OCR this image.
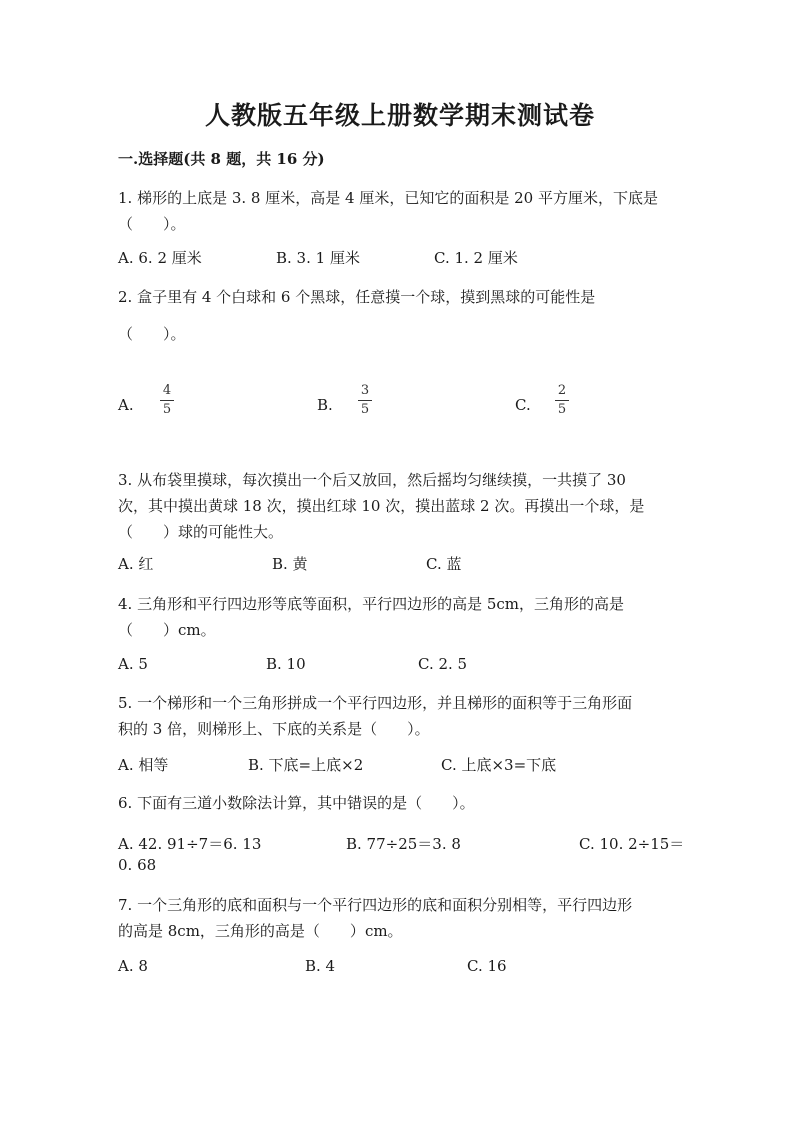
人教版五年级上册数学期末测试卷
一.选择题(共 8 题，共 16 分)
1. 梯形的上底是 3. 8 厘米，高是 4 厘米，已知它的面积是 20 平方厘米，下底是
（　　）。
A. 6. 2 厘米	B. 3. 1 厘米	C. 1. 2 厘米
2. 盒子里有 4 个白球和 6 个黑球，任意摸一个球，摸到黑球的可能性是
（　　）。
A.
4
5	B.
3
5	C.
2
5
3. 从布袋里摸球，每次摸出一个后又放回，然后摇均匀继续摸，一共摸了 30
次，其中摸出黄球 18 次，摸出红球 10 次，摸出蓝球 2 次。再摸出一个球，是
（　　）球的可能性大。
A. 红	B. 黄	C. 蓝
4. 三角形和平行四边形等底等面积，平行四边形的高是 5cm，三角形的高是
（　　）cm。
A. 5	B. 10	C. 2. 5
5. 一个梯形和一个三角形拼成一个平行四边形，并且梯形的面积等于三角形面
积的 3 倍，则梯形上、下底的关系是（　　）。
A. 相等	B. 下底=上底×2	C. 上底×3=下底
6. 下面有三道小数除法计算，其中错误的是（　　）。
A. 42. 91÷7＝6. 13	B. 77÷25＝3. 8	C. 10. 2÷15＝
0. 68
7. 一个三角形的底和面积与一个平行四边形的底和面积分别相等，平行四边形
的高是 8cm，三角形的高是（　　）cm。
A. 8	B. 4	C. 16
